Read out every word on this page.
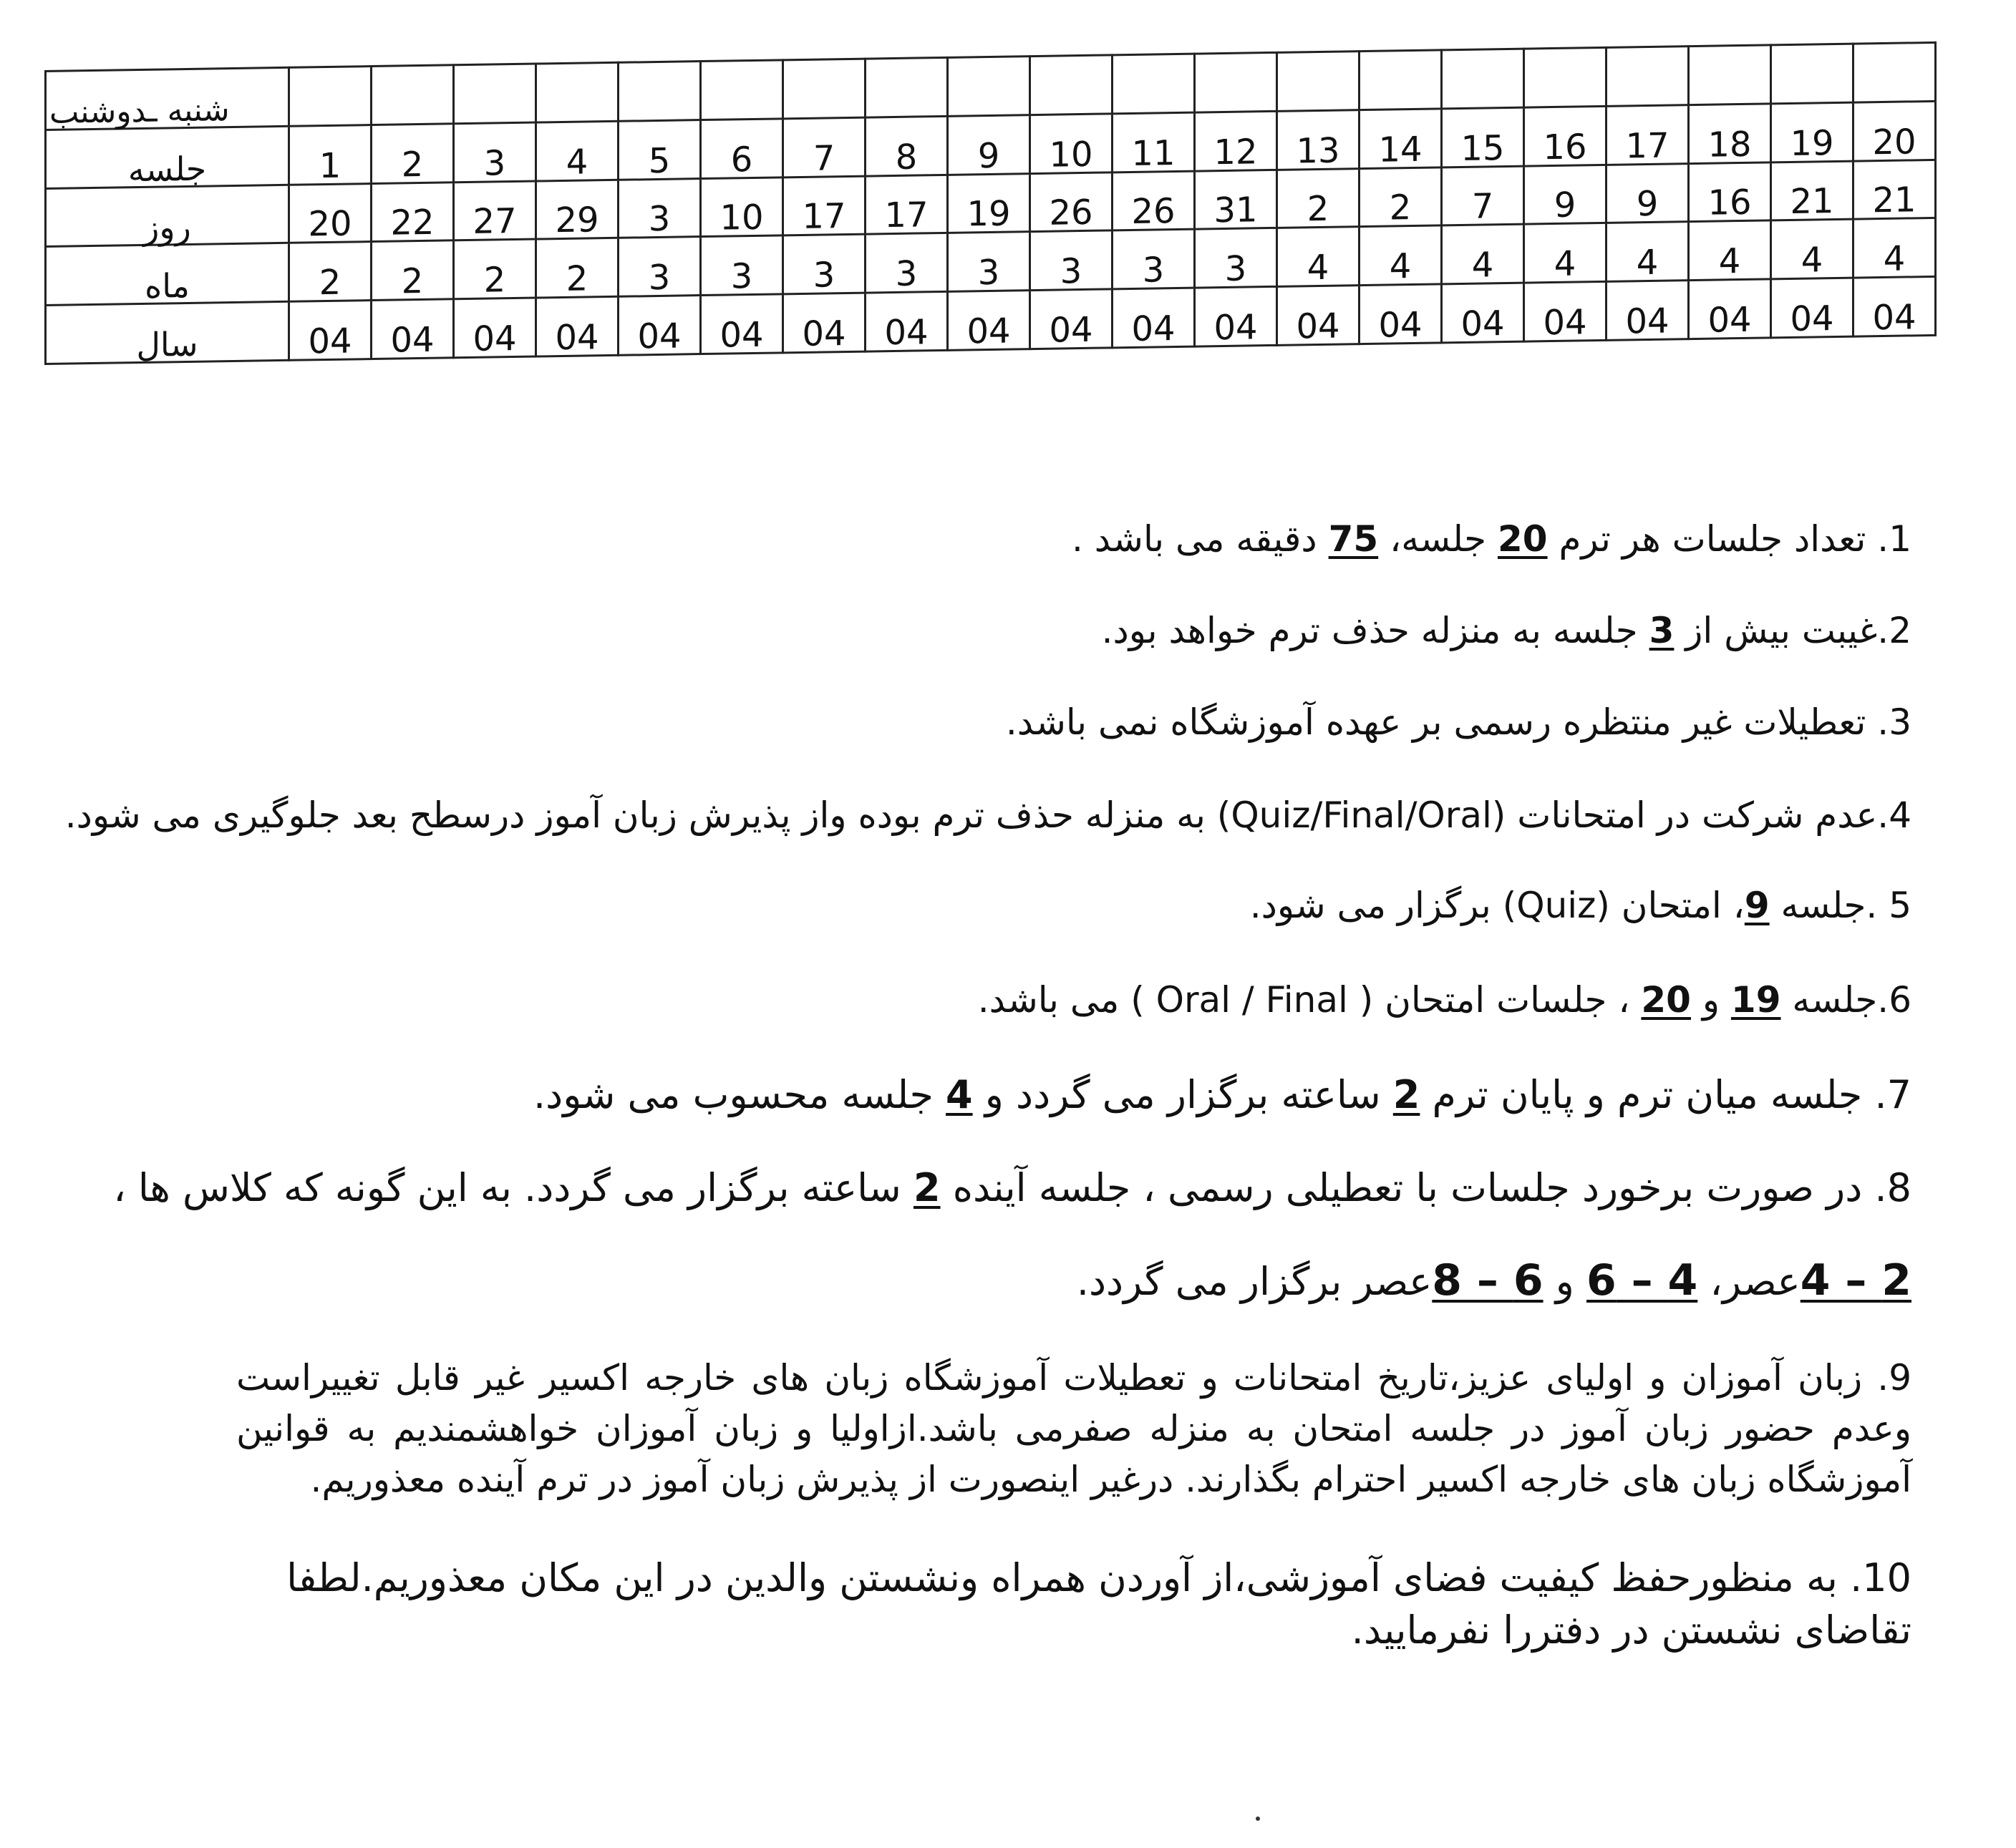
شنبه ـدوشنب																				
جلسه	1	2	3	4	5	6	7	8	9	10	11	12	13	14	15	16	17	18	19	20
روز	20	22	27	29	3	10	17	17	19	26	26	31	2	2	7	9	9	16	21	21
ماه	2	2	2	2	3	3	3	3	3	3	3	3	4	4	4	4	4	4	4	4
سال	04	04	04	04	04	04	04	04	04	04	04	04	04	04	04	04	04	04	04	04
1. تعداد جلسات هر ترم 20 جلسه، 75 دقیقه می باشد .
2.غیبت بیش از 3 جلسه به منزله حذف ترم خواهد بود.
3. تعطیلات غیر منتظره رسمی بر عهده آموزشگاه نمی باشد.
4.عدم شرکت در امتحانات (Quiz/Final/Oral) به منزله حذف ترم بوده واز پذیرش زبان آموز درسطح بعد جلوگیری می شود.
5 .جلسه 9، امتحان (Quiz) برگزار می شود.
6.جلسه 19 و 20 ، جلسات امتحان ( Oral / Final ) می باشد.
7. جلسه میان ترم و پایان ترم 2 ساعته برگزار می گردد و 4 جلسه محسوب می شود.
8. در صورت برخورد جلسات با تعطیلی رسمی ، جلسه آینده 2 ساعته برگزار می گردد. به این گونه که کلاس ها ،
2 – 4عصر، 4 – 6 و 6 – 8عصر برگزار می گردد.
9. زبان آموزان و اولیای عزیز،تاریخ امتحانات و تعطیلات آموزشگاه زبان های خارجه اکسیر غیر قابل تغییراست وعدم حضور زبان آموز در جلسه امتحان به منزله صفرمی باشد.ازاولیا و زبان آموزان خواهشمندیم به قوانین آموزشگاه زبان های خارجه اکسیر احترام بگذارند. درغیر اینصورت از پذیرش زبان آموز در ترم آینده معذوریم.
10. به منظورحفظ کیفیت فضای آموزشی،از آوردن همراه ونشستن والدین در این مکان معذوریم.لطفا تقاضای نشستن در دفتررا نفرمایید.
